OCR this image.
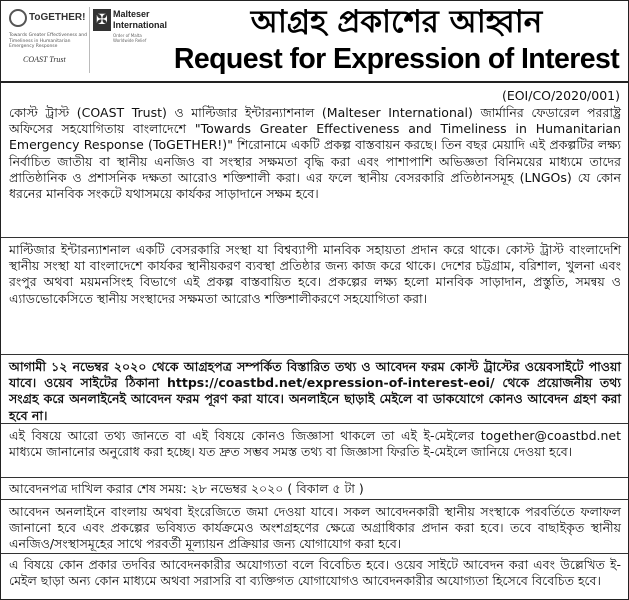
ToGETHER!
Towards Greater Effectiveness and Timeliness in Humanitarian Emergency Response
COAST Trust
✠ Malteser International
Order of Malta Worldwide Relief
আগ্রহ প্রকাশের আহ্বান
Request for Expression of Interest
(EOI/CO/2020/001)

কোস্ট ট্রাস্ট (COAST Trust) ও মাল্টিজার ইন্টারন্যাশনাল (Malteser International) জার্মানির ফেডারেল পররাষ্ট্র অফিসের সহযোগিতায় বাংলাদেশে "Towards Greater Effectiveness and Timeliness in Humanitarian Emergency Response (ToGETHER!)" শিরোনামে একটি প্রকল্প বাস্তবায়ন করছে। তিন বছর মেয়াদি এই প্রকল্পটির লক্ষ্য নির্বাচিত জাতীয় বা স্থানীয় এনজিও বা সংস্থার সক্ষমতা বৃদ্ধি করা এবং পাশাপাশি অভিজ্ঞতা বিনিময়ের মাধ্যমে তাদের প্রাতিষ্ঠানিক ও প্রশাসনিক দক্ষতা আরোও শক্তিশালী করা। এর ফলে স্থানীয় বেসরকারি প্রতিষ্ঠানসমূহ (LNGOs) যে কোন ধরনের মানবিক সংকটে যথাসময়ে কার্যকর সাড়াদানে সক্ষম হবে।

মাল্টিজার ইন্টারন্যাশনাল একটি বেসরকারি সংস্থা যা বিশ্বব্যাপী মানবিক সহায়তা প্রদান করে থাকে। কোস্ট ট্রাস্ট বাংলাদেশি স্থানীয় সংস্থা যা বাংলাদেশে কার্যকর স্থানীয়করণ ব্যবস্থা প্রতিষ্ঠার জন্য কাজ করে থাকে। দেশের চট্টগ্রাম, বরিশাল, খুলনা এবং রংপুর অথবা ময়মনসিংহ বিভাগে এই প্রকল্প বাস্তবায়িত হবে। প্রকল্পের লক্ষ্য হলো মানবিক সাড়াদান, প্রস্তুতি, সমন্বয় ও এ্যাডভোকেসিতে স্থানীয় সংস্থাদের সক্ষমতা আরোও শক্তিশালীকরণে সহযোগিতা করা।

আগামী ১২ নভেম্বর ২০২০ থেকে আগ্রহপত্র সম্পর্কিত বিস্তারিত তথ্য ও আবেদন ফরম কোস্ট ট্রাস্টের ওয়েবসাইটে পাওয়া যাবে। ওয়েব সাইটের ঠিকানা https://coastbd.net/expression-of-interest-eoi/ থেকে প্রয়োজনীয় তথ্য সংগ্রহ করে অনলাইনেই আবেদন ফরম পূরণ করা যাবে। অনলাইনে ছাড়াই মেইলে বা ডাকযোগে কোনও আবেদন গ্রহণ করা হবে না।

এই বিষয়ে আরো তথ্য জানতে বা এই বিষয়ে কোনও জিজ্ঞাসা থাকলে তা এই ই-মেইলের together@coastbd.net মাধ্যমে জানানোর অনুরোধ করা হচ্ছে। যত দ্রুত সম্ভব সমস্ত তথ্য বা জিজ্ঞাসা ফিরতি ই-মেইলে জানিয়ে দেওয়া হবে।

আবেদনপত্র দাখিল করার শেষ সময়: ২৮ নভেম্বর ২০২০ ( বিকাল ৫ টা )

আবেদন অনলাইনে বাংলায় অথবা ইংরেজিতে জমা দেওয়া যাবে। সকল আবেদনকারী স্থানীয় সংস্থাকে পরবর্তিতে ফলাফল জানানো হবে এবং প্রকল্পের ভবিষ্যত কার্যক্রমেও অংশগ্রহণের ক্ষেত্রে অগ্রাধিকার প্রদান করা হবে। তবে বাছাইকৃত স্থানীয় এনজিও/সংস্থাসমূহের সাথে পরবর্তী মূল্যায়ন প্রক্রিয়ার জন্য যোগাযোগ করা হবে।

এ বিষয়ে কোন প্রকার তদবির আবেদনকারীর অযোগ্যতা বলে বিবেচিত হবে। ওয়েব সাইটে আবেদন করা এবং উল্লেখিত ই-মেইল ছাড়া অন্য কোন মাধ্যমে অথবা সরাসরি বা ব্যক্তিগত যোগাযোগও আবেদনকারীর অযোগ্যতা হিসেবে বিবেচিত হবে।
